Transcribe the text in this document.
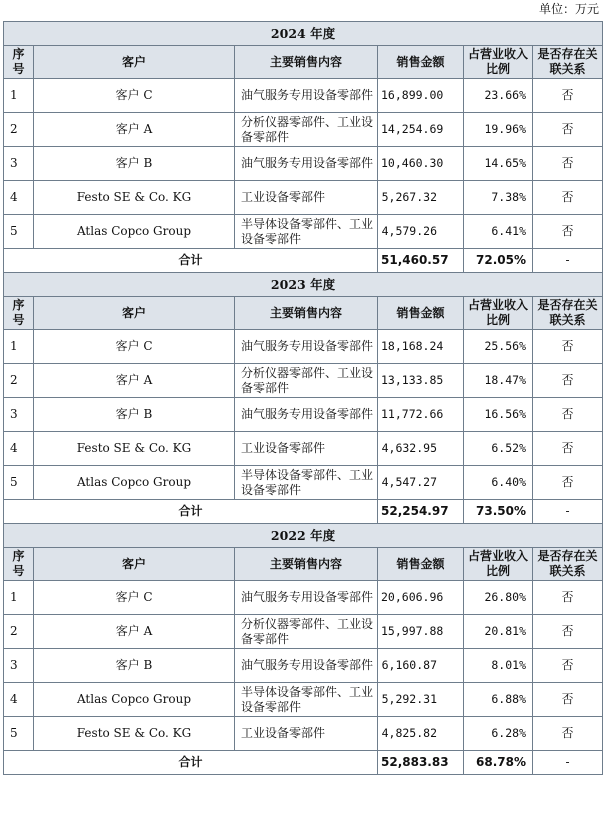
单位：万元
2024 年度					
序号	客户	主要销售内容	销售金额	占营业收入比例	是否存在关联关系
1	客户 C	油气服务专用设备零部件	16,899.00	23.66%	否
2	客户 A	分析仪器零部件、工业设备零部件	14,254.69	19.96%	否
3	客户 B	油气服务专用设备零部件	10,460.30	14.65%	否
4	Festo SE & Co. KG	工业设备零部件	5,267.32	7.38%	否
5	Atlas Copco Group	半导体设备零部件、工业设备零部件	4,579.26	6.41%	否
合计			51,460.57	72.05%	-
2023 年度					
序号	客户	主要销售内容	销售金额	占营业收入比例	是否存在关联关系
1	客户 C	油气服务专用设备零部件	18,168.24	25.56%	否
2	客户 A	分析仪器零部件、工业设备零部件	13,133.85	18.47%	否
3	客户 B	油气服务专用设备零部件	11,772.66	16.56%	否
4	Festo SE & Co. KG	工业设备零部件	4,632.95	6.52%	否
5	Atlas Copco Group	半导体设备零部件、工业设备零部件	4,547.27	6.40%	否
合计			52,254.97	73.50%	-
2022 年度					
序号	客户	主要销售内容	销售金额	占营业收入比例	是否存在关联关系
1	客户 C	油气服务专用设备零部件	20,606.96	26.80%	否
2	客户 A	分析仪器零部件、工业设备零部件	15,997.88	20.81%	否
3	客户 B	油气服务专用设备零部件	6,160.87	8.01%	否
4	Atlas Copco Group	半导体设备零部件、工业设备零部件	5,292.31	6.88%	否
5	Festo SE & Co. KG	工业设备零部件	4,825.82	6.28%	否
合计			52,883.83	68.78%	-
